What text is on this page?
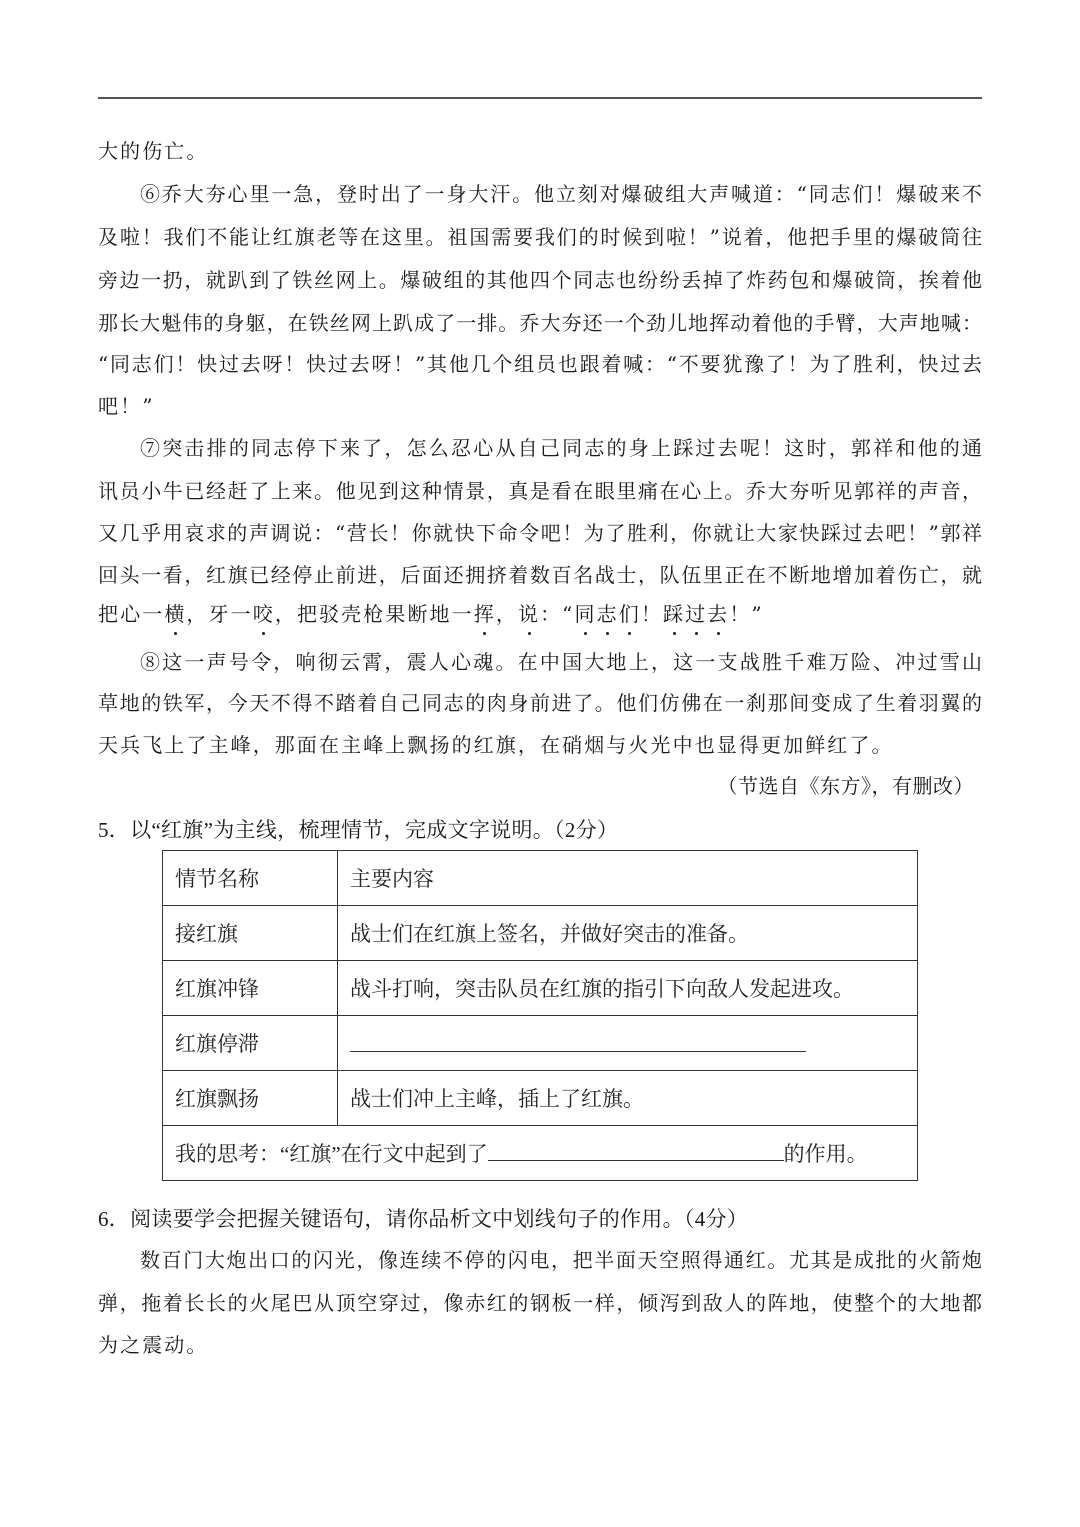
大的伤亡。
⑥乔大夯心里一急，登时出了一身大汗。他立刻对爆破组大声喊道：“同志们！爆破来不
及啦！我们不能让红旗老等在这里。祖国需要我们的时候到啦！”说着，他把手里的爆破筒往
旁边一扔，就趴到了铁丝网上。爆破组的其他四个同志也纷纷丢掉了炸药包和爆破筒，挨着他
那长大魁伟的身躯，在铁丝网上趴成了一排。乔大夯还一个劲儿地挥动着他的手臂，大声地喊：
“同志们！快过去呀！快过去呀！”其他几个组员也跟着喊：“不要犹豫了！为了胜利，快过去
吧！”
⑦突击排的同志停下来了，怎么忍心从自己同志的身上踩过去呢！这时，郭祥和他的通
讯员小牛已经赶了上来。他见到这种情景，真是看在眼里痛在心上。乔大夯听见郭祥的声音，
又几乎用哀求的声调说：“营长！你就快下命令吧！为了胜利，你就让大家快踩过去吧！”郭祥
回头一看，红旗已经停止前进，后面还拥挤着数百名战士，队伍里正在不断地增加着伤亡，就
把心一横，牙一咬，把驳壳枪果断地一挥，说：“同志们！踩过去！”
⑧这一声号令，响彻云霄，震人心魂。在中国大地上，这一支战胜千难万险、冲过雪山
草地的铁军，今天不得不踏着自己同志的肉身前进了。他们仿佛在一刹那间变成了生着羽翼的
天兵飞上了主峰，那面在主峰上飘扬的红旗，在硝烟与火光中也显得更加鲜红了。
（节选自《东方》，有删改）
5．以“红旗”为主线，梳理情节，完成文字说明。（2分）
情节名称	主要内容
接红旗	战士们在红旗上签名，并做好突击的准备。
红旗冲锋	战斗打响，突击队员在红旗的指引下向敌人发起进攻。
红旗停滞	
红旗飘扬	战士们冲上主峰，插上了红旗。
我的思考：“红旗”在行文中起到了 的作用。	
6．阅读要学会把握关键语句，请你品析文中划线句子的作用。（4分）
数百门大炮出口的闪光，像连续不停的闪电，把半面天空照得通红。尤其是成批的火箭炮
弹，拖着长长的火尾巴从顶空穿过，像赤红的钢板一样，倾泻到敌人的阵地，使整个的大地都
为之震动。
